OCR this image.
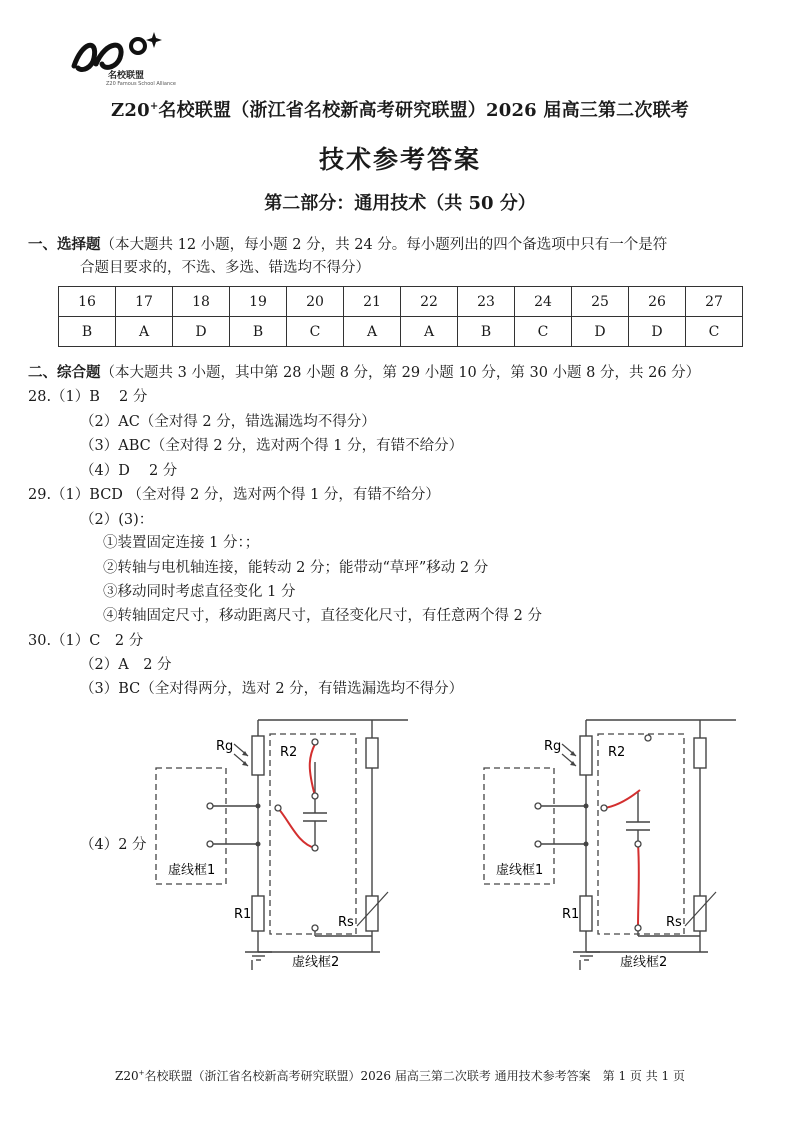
名校联盟
Z20 Famous School Alliance
Z20+名校联盟（浙江省名校新高考研究联盟）2026 届高三第二次联考
技术参考答案
第二部分：通用技术（共 50 分）
一、选择题（本大题共 12 小题，每小题 2 分，共 24 分。每小题列出的四个备选项中只有一个是符
合题目要求的，不选、多选、错选均不得分）
16	17	18	19	20	21	22	23	24	25	26	27
B	A	D	B	C	A	A	B	C	D	D	C
二、综合题（本大题共 3 小题，其中第 28 小题 8 分，第 29 小题 10 分，第 30 小题 8 分，共 26 分）
28.（1）B　 2 分
（2）AC（全对得 2 分，错选漏选均不得分）
（3）ABC（全对得 2 分，选对两个得 1 分，有错不给分）
（4）D　 2 分
29.（1）BCD （全对得 2 分，选对两个得 1 分，有错不给分）
（2）(3)：
①装置固定连接 1 分：；
②转轴与电机轴连接，能转动 2 分；能带动“草坪”移动 2 分
③移动同时考虑直径变化 1 分
④转轴固定尺寸，移动距离尺寸，直径变化尺寸，有任意两个得 2 分
30.（1）C　2 分
（2）A　2 分
（3）BC（全对得两分，选对 2 分，有错选漏选均不得分）
（4）2 分
Rg	R2
R1
Rs
虚线框1
虚线框2
Rg	R2
R1
Rs
虚线框1
虚线框2
Z20+名校联盟（浙江省名校新高考研究联盟）2026 届高三第二次联考 通用技术参考答案　第 1 页 共 1 页
